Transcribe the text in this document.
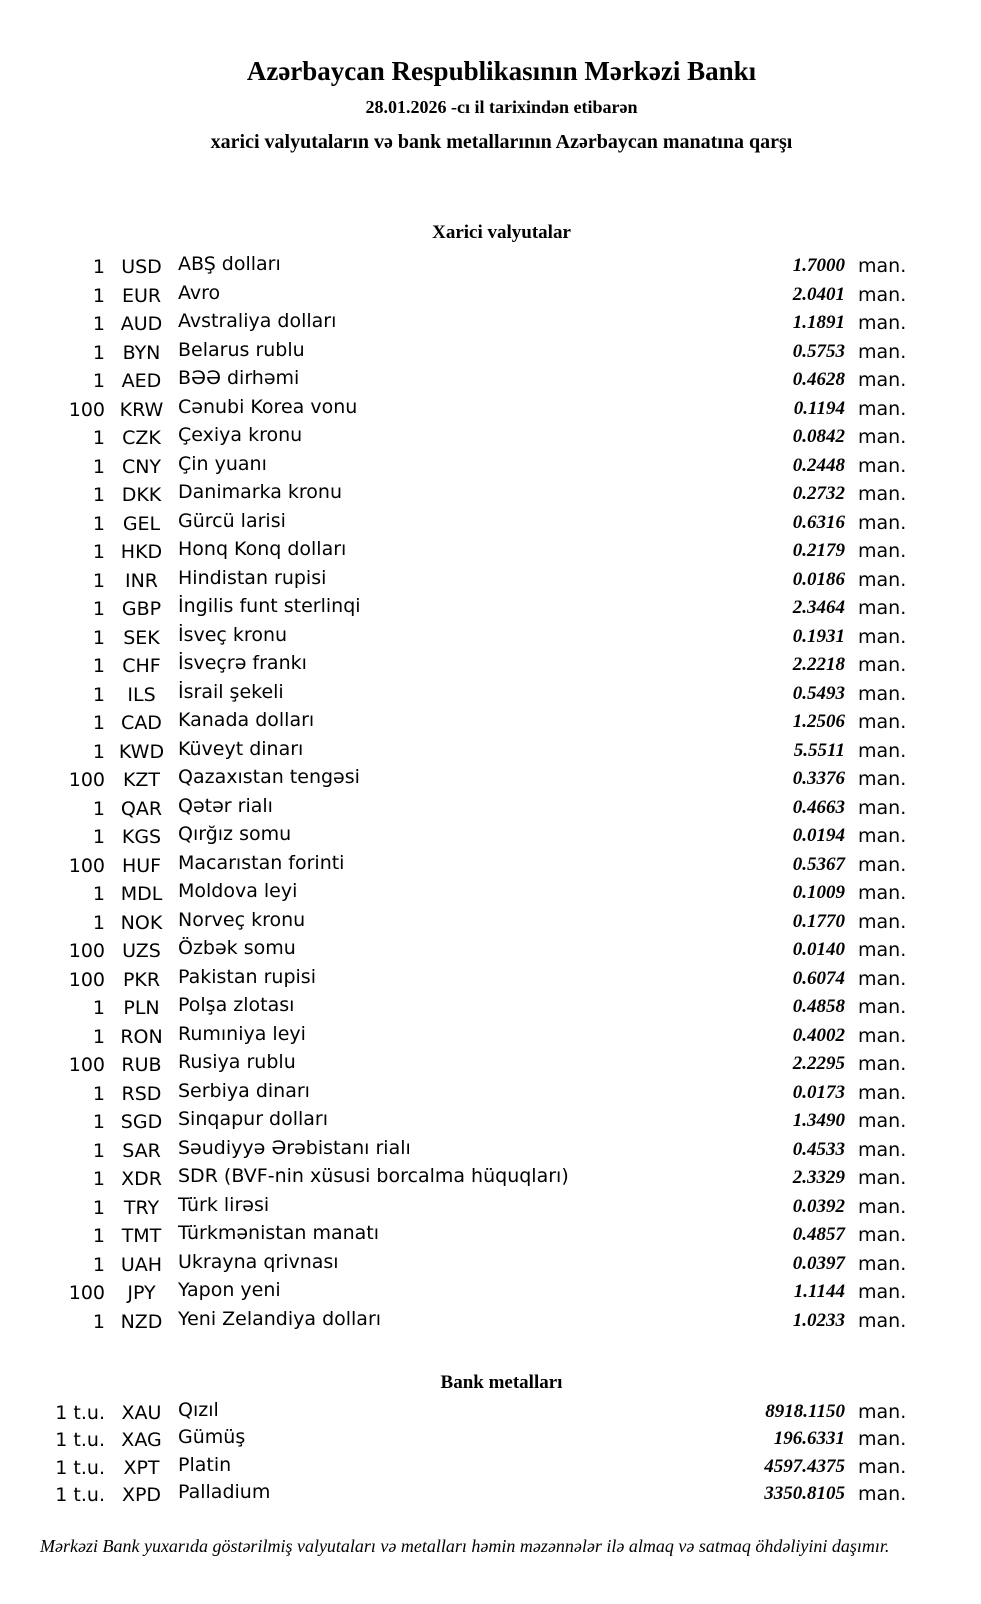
Azərbaycan Respublikasının Mərkəzi Bankı
28.01.2026 -cı il tarixindən etibarən
xarici valyutaların və bank metallarının Azərbaycan manatına qarşı
Xarici valyutalar
1 USD ABŞ dolları	1.7000 man.
1 EUR Avro	2.0401 man.
1 AUD Avstraliya dolları	1.1891 man.
1 BYN Belarus rublu	0.5753 man.
1 AED BƏƏ dirhəmi	0.4628 man.
100 KRW Cənubi Korea vonu	0.1194 man.
1 CZK Çexiya kronu	0.0842 man.
1 CNY Çin yuanı	0.2448 man.
1 DKK Danimarka kronu	0.2732 man.
1 GEL Gürcü larisi	0.6316 man.
1 HKD Honq Konq dolları	0.2179 man.
1	INR	Hindistan rupisi	0.0186 man.
1 GBP İngilis funt sterlinqi	2.3464 man.
1 SEK İsveç kronu	0.1931 man.
1 CHF İsveçrə frankı	2.2218 man.
1	ILS	İsrail şekeli	0.5493 man.
1 CAD Kanada dolları	1.2506 man.
1 KWD Küveyt dinarı	5.5511 man.
100 KZT Qazaxıstan tengəsi	0.3376 man.
1 QAR Qətər rialı	0.4663 man.
1 KGS Qırğız somu	0.0194 man.
100 HUF Macarıstan forinti	0.5367 man.
1 MDL Moldova leyi	0.1009 man.
1 NOK Norveç kronu	0.1770 man.
100 UZS Özbək somu	0.0140 man.
100 PKR Pakistan rupisi	0.6074 man.
1 PLN Polşa zlotası	0.4858 man.
1 RON Rumıniya leyi	0.4002 man.
100 RUB Rusiya rublu	2.2295 man.
1 RSD Serbiya dinarı	0.0173 man.
1 SGD Sinqapur dolları	1.3490 man.
1 SAR Səudiyyə Ərəbistanı rialı	0.4533 man.
1 XDR SDR (BVF-nin xüsusi borcalma hüquqları)	2.3329 man.
1 TRY Türk lirəsi	0.0392 man.
1 TMT Türkmənistan manatı	0.4857 man.
1 UAH Ukrayna qrivnası	0.0397 man.
100	JPY	Yapon yeni	1.1144 man.
1 NZD Yeni Zelandiya dolları	1.0233 man.
Bank metalları
1 t.u. XAU Qızıl	8918.1150 man.
1 t.u. XAG Gümüş	196.6331 man.
1 t.u. XPT Platin	4597.4375 man.
1 t.u. XPD Palladium	3350.8105 man.
Mərkəzi Bank yuxarıda göstərilmiş valyutaları və metalları həmin məzənnələr ilə almaq və satmaq öhdəliyini daşımır.
